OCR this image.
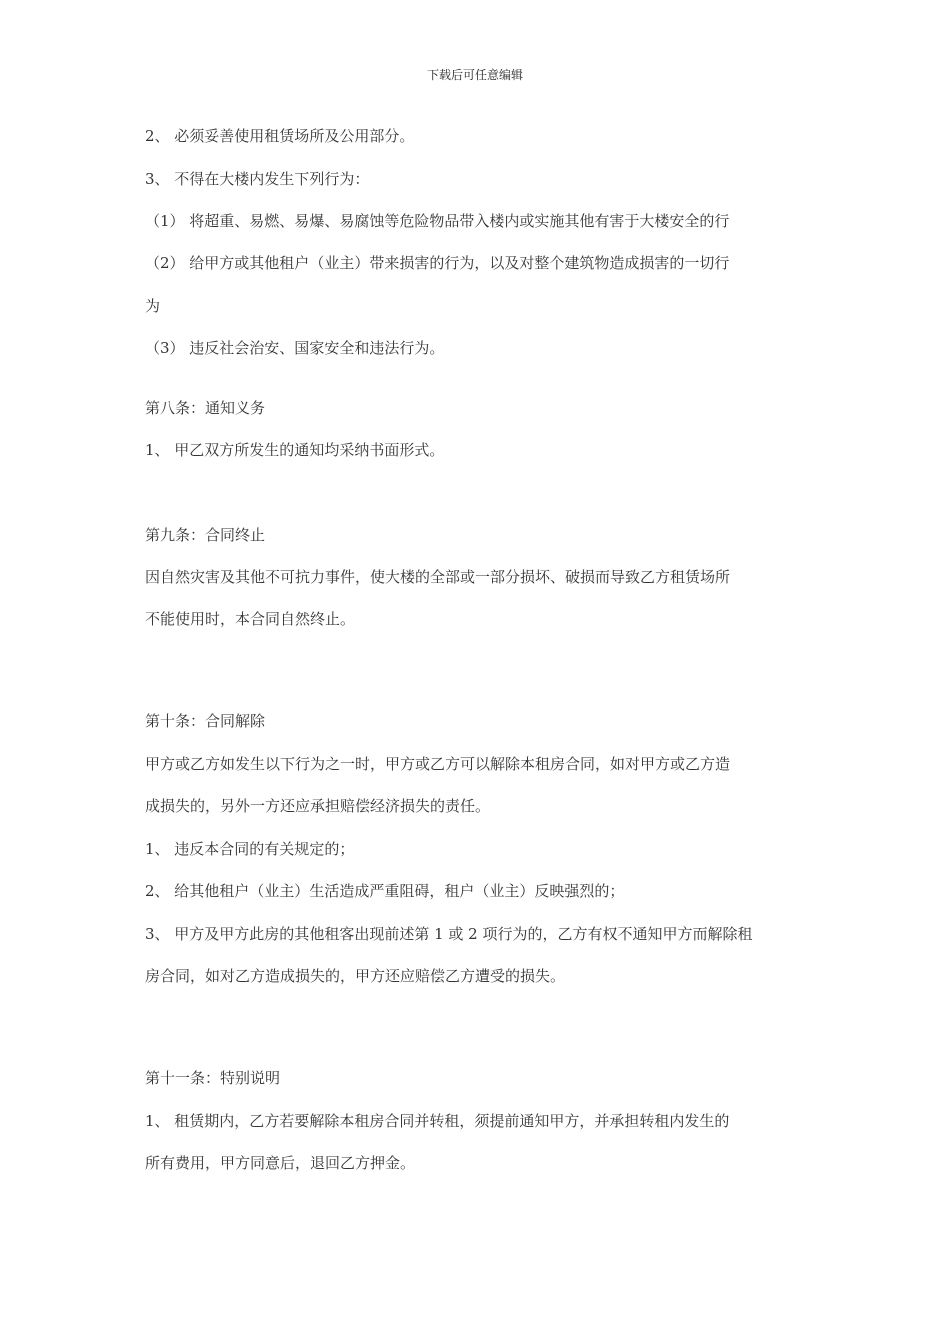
下载后可任意编辑
2、 必须妥善使用租赁场所及公用部分。
3、 不得在大楼内发生下列行为：
（1） 将超重、易燃、易爆、易腐蚀等危险物品带入楼内或实施其他有害于大楼安全的行
（2） 给甲方或其他租户（业主）带来损害的行为，以及对整个建筑物造成损害的一切行
为
（3） 违反社会治安、国家安全和违法行为。
第八条：通知义务
1、 甲乙双方所发生的通知均采纳书面形式。
第九条：合同终止
因自然灾害及其他不可抗力事件，使大楼的全部或一部分损坏、破损而导致乙方租赁场所
不能使用时，本合同自然终止。
第十条：合同解除
甲方或乙方如发生以下行为之一时，甲方或乙方可以解除本租房合同，如对甲方或乙方造
成损失的，另外一方还应承担赔偿经济损失的责任。
1、 违反本合同的有关规定的；
2、 给其他租户（业主）生活造成严重阻碍，租户（业主）反映强烈的；
3、 甲方及甲方此房的其他租客出现前述第 1 或 2 项行为的，乙方有权不通知甲方而解除租
房合同，如对乙方造成损失的，甲方还应赔偿乙方遭受的损失。
第十一条：特别说明
1、 租赁期内，乙方若要解除本租房合同并转租，须提前通知甲方，并承担转租内发生的
所有费用，甲方同意后，退回乙方押金。
